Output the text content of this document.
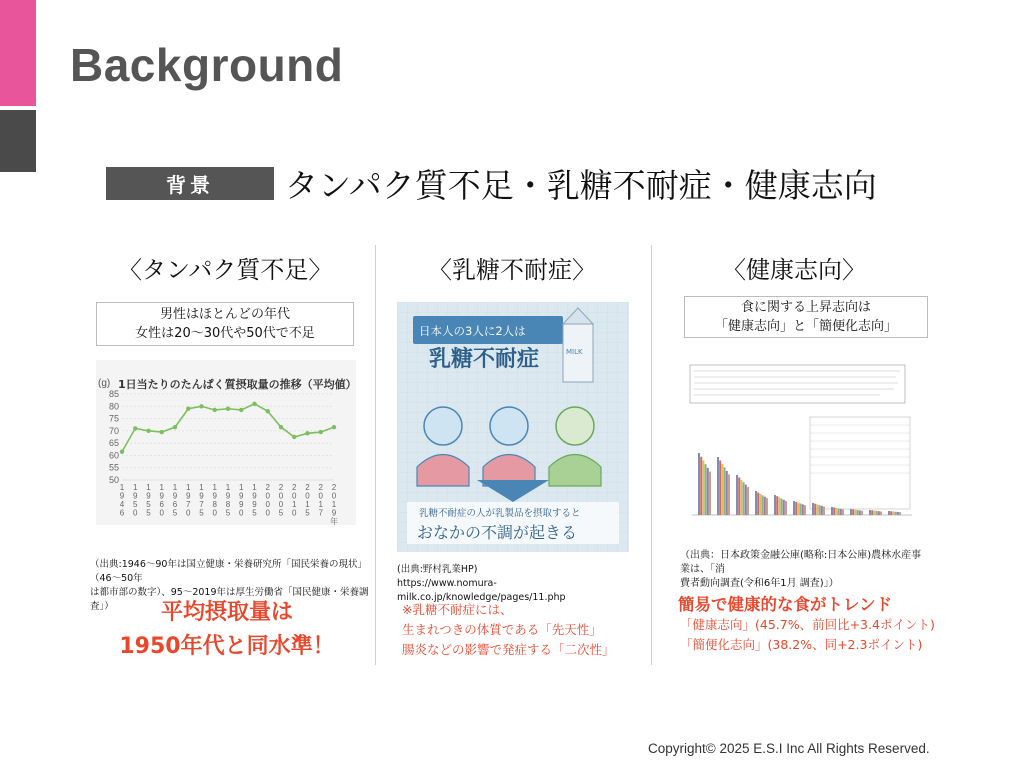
Background
背景	タンパク質不足・乳糖不耐症・健康志向
〈タンパク質不足〉
男性はほとんどの年代
女性は20〜30代や50代で不足
(g) 1日当たりのたんぱく質摂取量の推移（平均値）
50
55
60
65
70
75
80
85
1 9 4 6
1 9 5 0
1 9 5 5
1 9 6 0
1 9 6 5
1 9 7 0
1 9 7 5
1 9 8 0
1 9 8 5
1 9 9 0
1 9 9 5
2 0 0 0
2 0 0 5
2 0 1 0
2 0 1 5
2 0 1 7
2 0 1 9 年
（出典:1946〜90年は国立健康・栄養研究所「国民栄養の現状」（46〜50年
は都市部の数字）、95〜2019年は厚生労働省「国民健康・栄養調査」）	平均摂取量は
1950年代と同水準！
〈乳糖不耐症〉
日本人の3人に2人は
乳糖不耐症	MILK
乳糖不耐症の人が乳製品を摂取すると
おなかの不調が起きる
(出典:野村乳業HP)
https://www.nomura-milk.co.jp/knowledge/pages/11.php
※乳糖不耐症には、
生まれつきの体質である「先天性」
腸炎などの影響で発症する「二次性」
〈健康志向〉
食に関する上昇志向は
「健康志向」と「簡便化志向」
（出典：日本政策金融公庫(略称:日本公庫)農林水産事業は、「消
費者動向調査(令和6年1月 調査)」）
簡易で健康的な食がトレンド
「健康志向」(45.7%、前回比+3.4ポイント)
「簡便化志向」(38.2%、同+2.3ポイント)
Copyright© 2025 E.S.I Inc All Rights Reserved.
